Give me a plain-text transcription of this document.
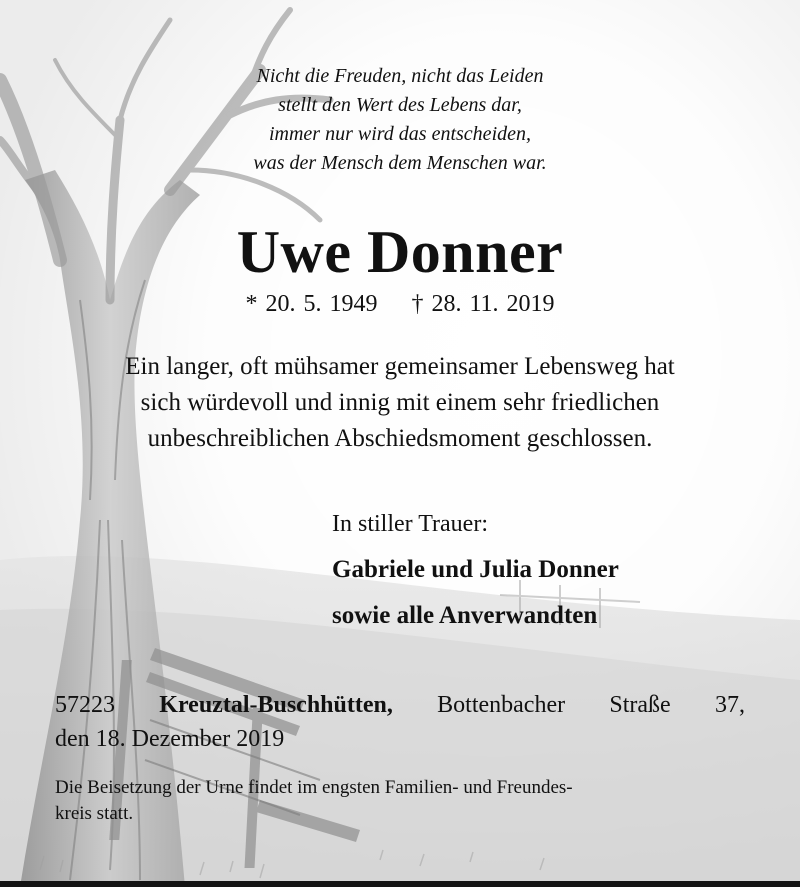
Nicht die Freuden, nicht das Leiden
stellt den Wert des Lebens dar,
immer nur wird das entscheiden,
was der Mensch dem Menschen war.
Uwe Donner
* 20. 5. 1949 † 28. 11. 2019
Ein langer, oft mühsamer gemeinsamer Lebensweg hat
sich würdevoll und innig mit einem sehr friedlichen
unbeschreiblichen Abschiedsmoment geschlossen.
In stiller Trauer:
Gabriele und Julia Donner
sowie alle Anverwandten
57223 Kreuztal-Buschhütten, Bottenbacher Straße 37,
den 18. Dezember 2019
Die Beisetzung der Urne findet im engsten Familien- und Freundes-
kreis statt.
